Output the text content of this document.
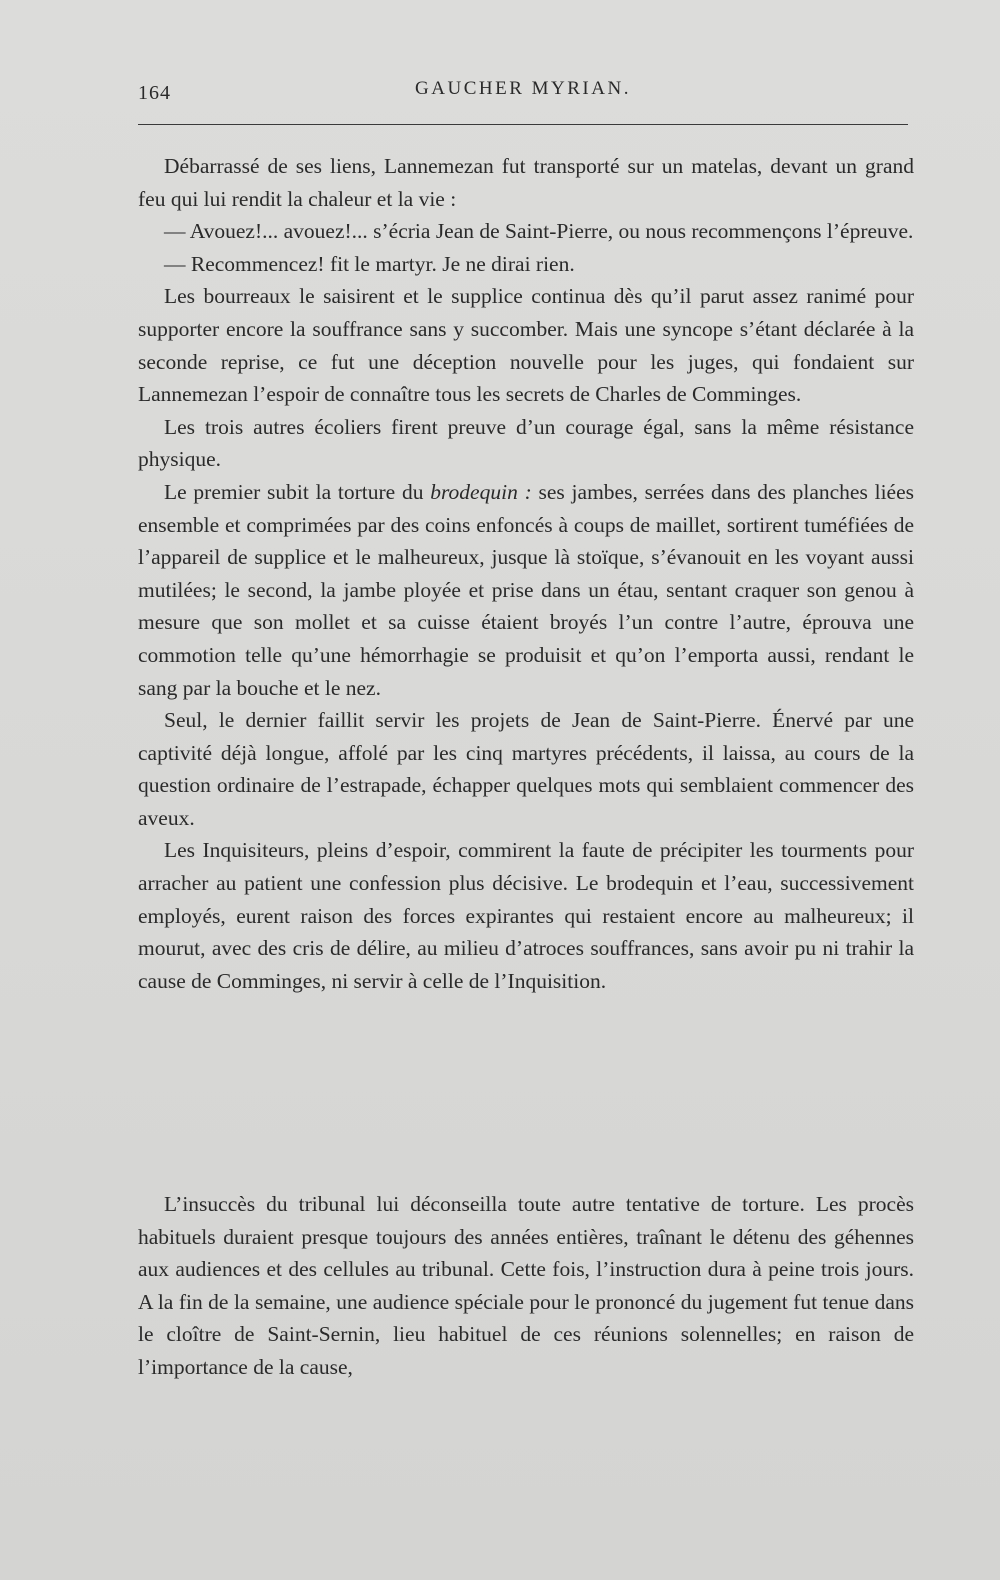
164	GAUCHER MYRIAN.

Débarrassé de ses liens, Lannemezan fut transporté sur un matelas, devant un grand feu qui lui rendit la chaleur et la vie :

— Avouez!... avouez!... s’écria Jean de Saint-Pierre, ou nous recommençons l’épreuve.

— Recommencez! fit le martyr. Je ne dirai rien.

Les bourreaux le saisirent et le supplice continua dès qu’il parut assez ranimé pour supporter encore la souffrance sans y succomber. Mais une syncope s’étant déclarée à la seconde reprise, ce fut une déception nouvelle pour les juges, qui fondaient sur Lannemezan l’espoir de connaître tous les secrets de Charles de Comminges.

Les trois autres écoliers firent preuve d’un courage égal, sans la même résistance physique.

Le premier subit la torture du brodequin : ses jambes, serrées dans des planches liées ensemble et comprimées par des coins enfoncés à coups de maillet, sortirent tuméfiées de l’appareil de supplice et le malheureux, jusque là stoïque, s’évanouit en les voyant aussi mutilées; le second, la jambe ployée et prise dans un étau, sentant craquer son genou à mesure que son mollet et sa cuisse étaient broyés l’un contre l’autre, éprouva une commotion telle qu’une hémorrhagie se produisit et qu’on l’emporta aussi, rendant le sang par la bouche et le nez.

Seul, le dernier faillit servir les projets de Jean de Saint-Pierre. Énervé par une captivité déjà longue, affolé par les cinq martyres précédents, il laissa, au cours de la question ordinaire de l’estrapade, échapper quelques mots qui semblaient commencer des aveux.

Les Inquisiteurs, pleins d’espoir, commirent la faute de précipiter les tourments pour arracher au patient une confession plus décisive. Le brodequin et l’eau, successivement employés, eurent raison des forces expirantes qui restaient encore au malheureux; il mourut, avec des cris de délire, au milieu d’atroces souffrances, sans avoir pu ni trahir la cause de Comminges, ni servir à celle de l’Inquisition.

L’insuccès du tribunal lui déconseilla toute autre tentative de torture. Les procès habituels duraient presque toujours des années entières, traînant le détenu des géhennes aux audiences et des cellules au tribunal. Cette fois, l’instruction dura à peine trois jours. A la fin de la semaine, une audience spéciale pour le prononcé du jugement fut tenue dans le cloître de Saint-Sernin, lieu habituel de ces réunions solennelles; en raison de l’importance de la cause,
